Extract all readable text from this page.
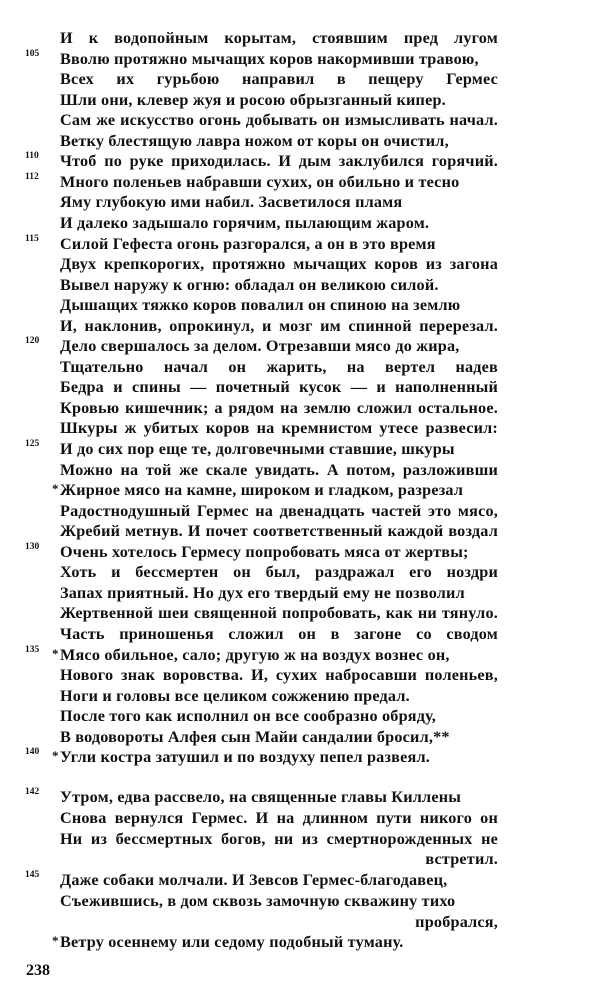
И к водопойным корытам, стоявшим пред лугом
Вволю протяжно мычащих коров накормивши травою,
Всех их гурьбою направил в пещеру Гермес
Шли они, клевер жуя и росою обрызганный кипер.
Сам же искусство огонь добывать он измысливать начал.
Ветку блестящую лавра ножом от коры он очистил,
Чтоб по руке приходилась. И дым заклубился горячий.
Много поленьев набравши сухих, он обильно и тесно
Яму глубокую ими набил. Засветилося пламя
И далеко задышало горячим, пылающим жаром.
Силой Гефеста огонь разгорался, а он в это время
Двух крепкорогих, протяжно мычащих коров из загона
Вывел наружу к огню: обладал он великою силой.
Дышащих тяжко коров повалил он спиною на землю
И, наклонив, опрокинул, и мозг им спинной перерезал.
Дело свершалось за делом. Отрезавши мясо до жира,
Тщательно начал он жарить, на вертел надев
Бедра и спины — почетный кусок — и наполненный
Кровью кишечник; а рядом на землю сложил остальное.
Шкуры ж убитых коров на кремнистом утесе развесил:
И до сих пор еще те, долговечными ставшие, шкуры
Можно на той же скале увидать. А потом, разложивши
* Жирное мясо на камне, широком и гладком, разрезал
Радостнодушный Гермес на двенадцать частей это мясо,
Жребий метнув. И почет соответственный каждой воздал
Очень хотелось Гермесу попробовать мяса от жертвы;
Хоть и бессмертен он был, раздражал его ноздри
Запах приятный. Но дух его твердый ему не позволил
Жертвенной шеи священной попробовать, как ни тянуло.
Часть приношенья сложил он в загоне со сводом
* Мясо обильное, сало; другую ж на воздух вознес он,
Нового знак воровства. И, сухих набросавши поленьев,
Ноги и головы все целиком сожжению предал.
После того как исполнил он все сообразно обряду,
В водовороты Алфея сын Майи сандалии бросил,**
* Угли костра затушил и по воздуху пепел развеял.
Утром, едва рассвело, на священные главы Киллены
Снова вернулся Гермес. И на длинном пути никого он
Ни из бессмертных богов, ни из смертнорожденных не
встретил.
Даже собаки молчали. И Зевсов Гермес-благодавец,
Съежившись, в дом сквозь замочную скважину тихо
пробрался,
* Ветру осеннему или седому подобный туману.
238
105
110
112
115
120
125
130
135
140
142
145
